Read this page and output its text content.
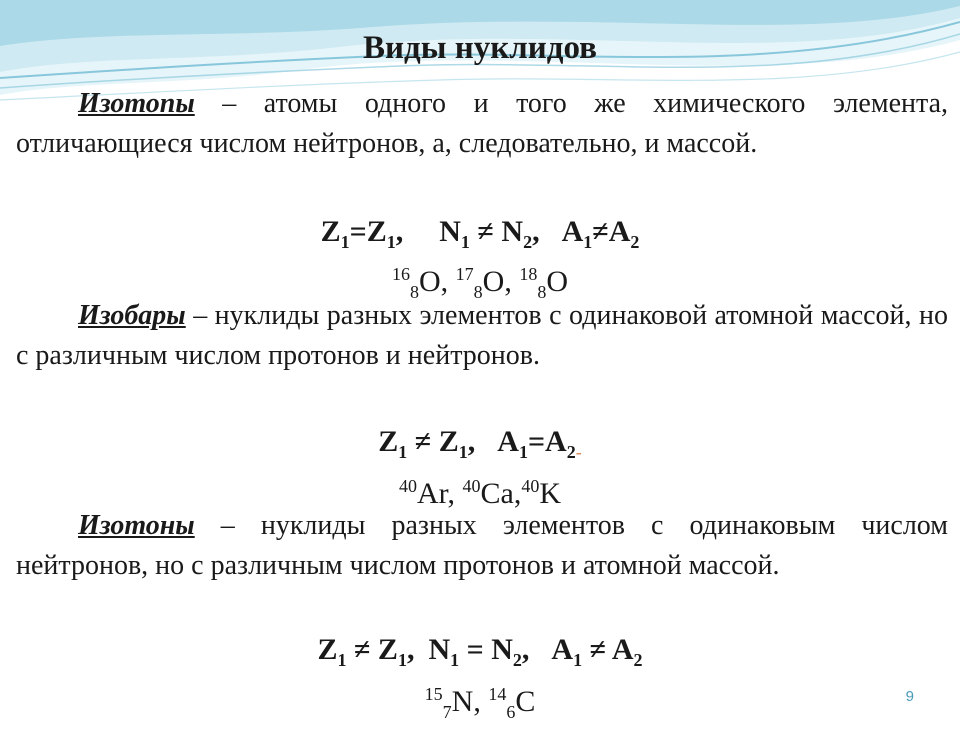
Виды нуклидов

Изотопы – атомы одного и того же химического элемента, отличающиеся числом нейтронов, а, следовательно, и массой.

$Z_1=Z_1$, $N_1 \ne N_2$, $A_1\ne A_2$
$^{16}_8$O, $^{17}_8$O, $^{18}_8$O

Изобары – нуклиды разных элементов с одинаковой атомной массой, но с различным числом протонов и нейтронов.

$Z_1 \ne Z_1$, $A_1=A_{2-}$
$^{40}$Ar, $^{40}$Ca,$^{40}$K

Изотоны – нуклиды разных элементов с одинаковым числом нейтронов, но с различным числом протонов и атомной массой.

$Z_1 \ne Z_1$, $N_1 = N_2$, $A_1 \ne A_2$
$^{15}_7$N, $^{14}_6$C	9
